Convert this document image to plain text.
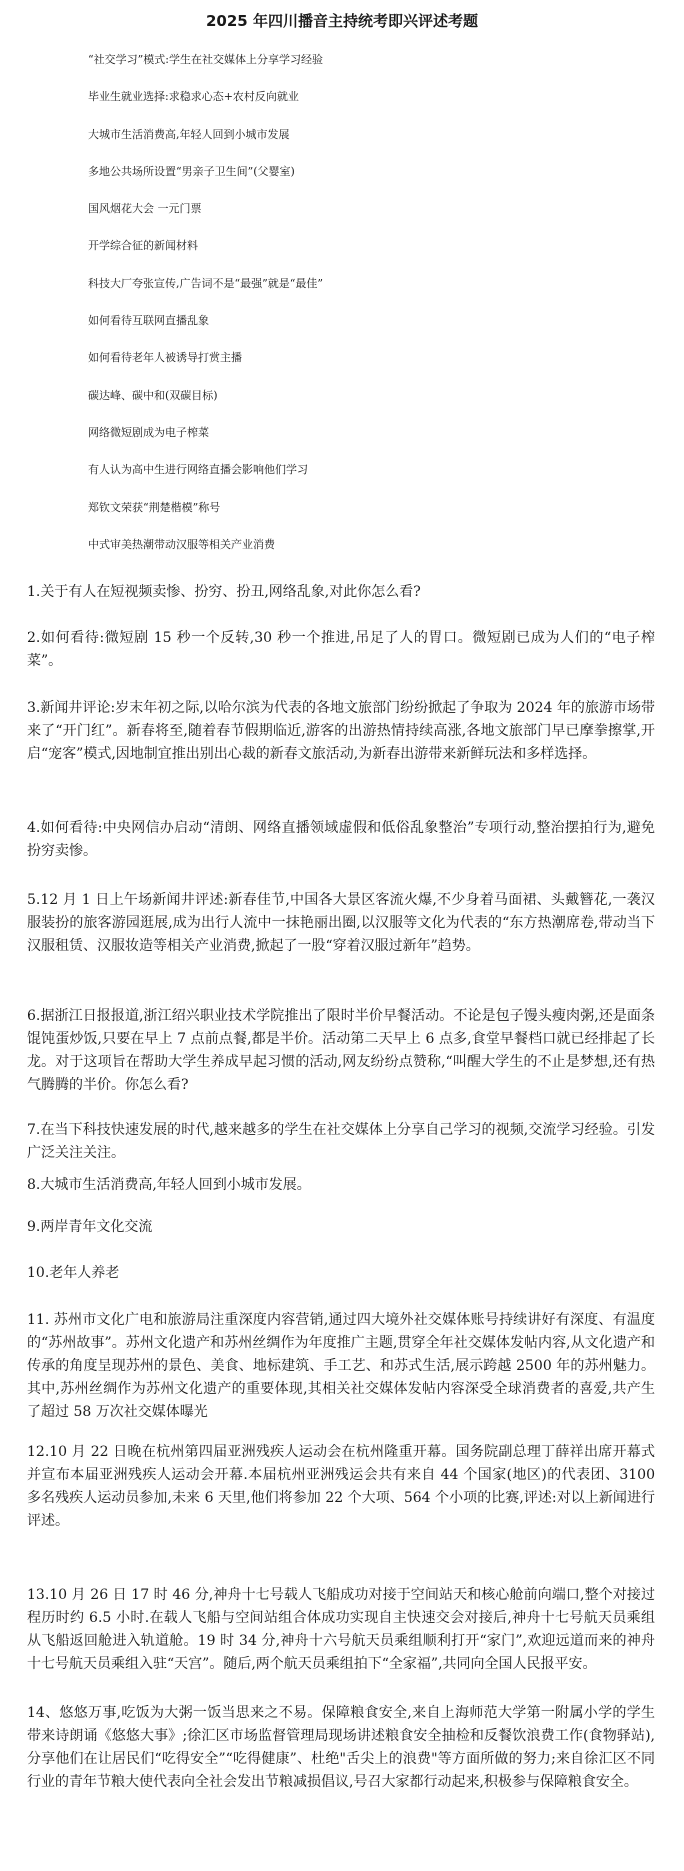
2025 年四川播音主持统考即兴评述考题
“社交学习”模式:学生在社交媒体上分享学习经验
毕业生就业选择:求稳求心态+农村反向就业
大城市生活消费高,年轻人回到小城市发展
多地公共场所设置“男亲子卫生间”(父婴室)
国风烟花大会 一元门票
开学综合征的新闻材料
科技大厂夸张宣传,广告词不是“最强”就是“最佳”
如何看待互联网直播乱象
如何看待老年人被诱导打赏主播
碳达峰、碳中和(双碳目标)
网络微短剧成为电子榨菜
有人认为高中生进行网络直播会影响他们学习
郑钦文荣获“荆楚楷模”称号
中式审美热潮带动汉服等相关产业消费

1.关于有人在短视频卖惨、扮穷、扮丑,网络乱象,对此你怎么看?

2.如何看待:微短剧 15 秒一个反转,30 秒一个推进,吊足了人的胃口。微短剧已成为人们的“电子榨菜”。

3.新闻井评论:岁末年初之际,以哈尔滨为代表的各地文旅部门纷纷掀起了争取为 2024 年的旅游市场带来了“开门红”。新春将至,随着春节假期临近,游客的出游热情持续高涨,各地文旅部门早已摩拳擦掌,开启“宠客”模式,因地制宜推出别出心裁的新春文旅活动,为新春出游带来新鲜玩法和多样选择。

4.如何看待:中央网信办启动“清朗、网络直播领域虚假和低俗乱象整治”专项行动,整治摆拍行为,避免扮穷卖惨。

5.12 月 1 日上午场新闻井评述:新春佳节,中国各大景区客流火爆,不少身着马面裙、头戴簪花,一袭汉服装扮的旅客游园逛展,成为出行人流中一抹艳丽出圈,以汉服等文化为代表的“东方热潮席卷,带动当下汉服租赁、汉服妆造等相关产业消费,掀起了一股“穿着汉服过新年”趋势。

6.据浙江日报报道,浙江绍兴职业技术学院推出了限时半价早餐活动。不论是包子馒头瘦肉粥,还是面条馄饨蛋炒饭,只要在早上 7 点前点餐,都是半价。活动第二天早上 6 点多,食堂早餐档口就已经排起了长龙。对于这项旨在帮助大学生养成早起习惯的活动,网友纷纷点赞称,“叫醒大学生的不止是梦想,还有热气腾腾的半价。你怎么看?

7.在当下科技快速发展的时代,越来越多的学生在社交媒体上分享自己学习的视频,交流学习经验。引发广泛关注关注。

8.大城市生活消费高,年轻人回到小城市发展。

9.两岸青年文化交流

10.老年人养老

11. 苏州市文化广电和旅游局注重深度内容营销,通过四大境外社交媒体账号持续讲好有深度、有温度的“苏州故事”。苏州文化遗产和苏州丝绸作为年度推广主题,贯穿全年社交媒体发帖内容,从文化遗产和传承的角度呈现苏州的景色、美食、地标建筑、手工艺、和苏式生活,展示跨越 2500 年的苏州魅力。其中,苏州丝绸作为苏州文化遗产的重要体现,其相关社交媒体发帖内容深受全球消费者的喜爱,共产生了超过 58 万次社交媒体曝光

12.10 月 22 日晚在杭州第四届亚洲残疾人运动会在杭州隆重开幕。国务院副总理丁薛祥出席开幕式并宣布本届亚洲残疾人运动会开幕.本届杭州亚洲残运会共有来自 44 个国家(地区)的代表团、3100 多名残疾人运动员参加,未来 6 天里,他们将参加 22 个大项、564 个小项的比赛,评述:对以上新闻进行评述。

13.10 月 26 日 17 时 46 分,神舟十七号载人飞船成功对接于空间站天和核心舱前向端口,整个对接过程历时约 6.5 小时.在载人飞船与空间站组合体成功实现自主快速交会对接后,神舟十七号航天员乘组从飞船返回舱进入轨道舱。19 时 34 分,神舟十六号航天员乘组顺利打开“家门”,欢迎远道而来的神舟十七号航天员乘组入驻“天宫”。随后,两个航天员乘组拍下“全家福”,共同向全国人民报平安。

14、悠悠万事,吃饭为大粥一饭当思来之不易。保障粮食安全,来自上海师范大学第一附属小学的学生带来诗朗诵《悠悠大事》;徐汇区市场监督管理局现场讲述粮食安全抽检和反餐饮浪费工作(食物驿站),分享他们在让居民们“吃得安全”“吃得健康”、杜绝"舌尖上的浪费"等方面所做的努力;来自徐汇区不同行业的青年节粮大使代表向全社会发出节粮减损倡议,号召大家都行动起来,积极参与保障粮食安全。
